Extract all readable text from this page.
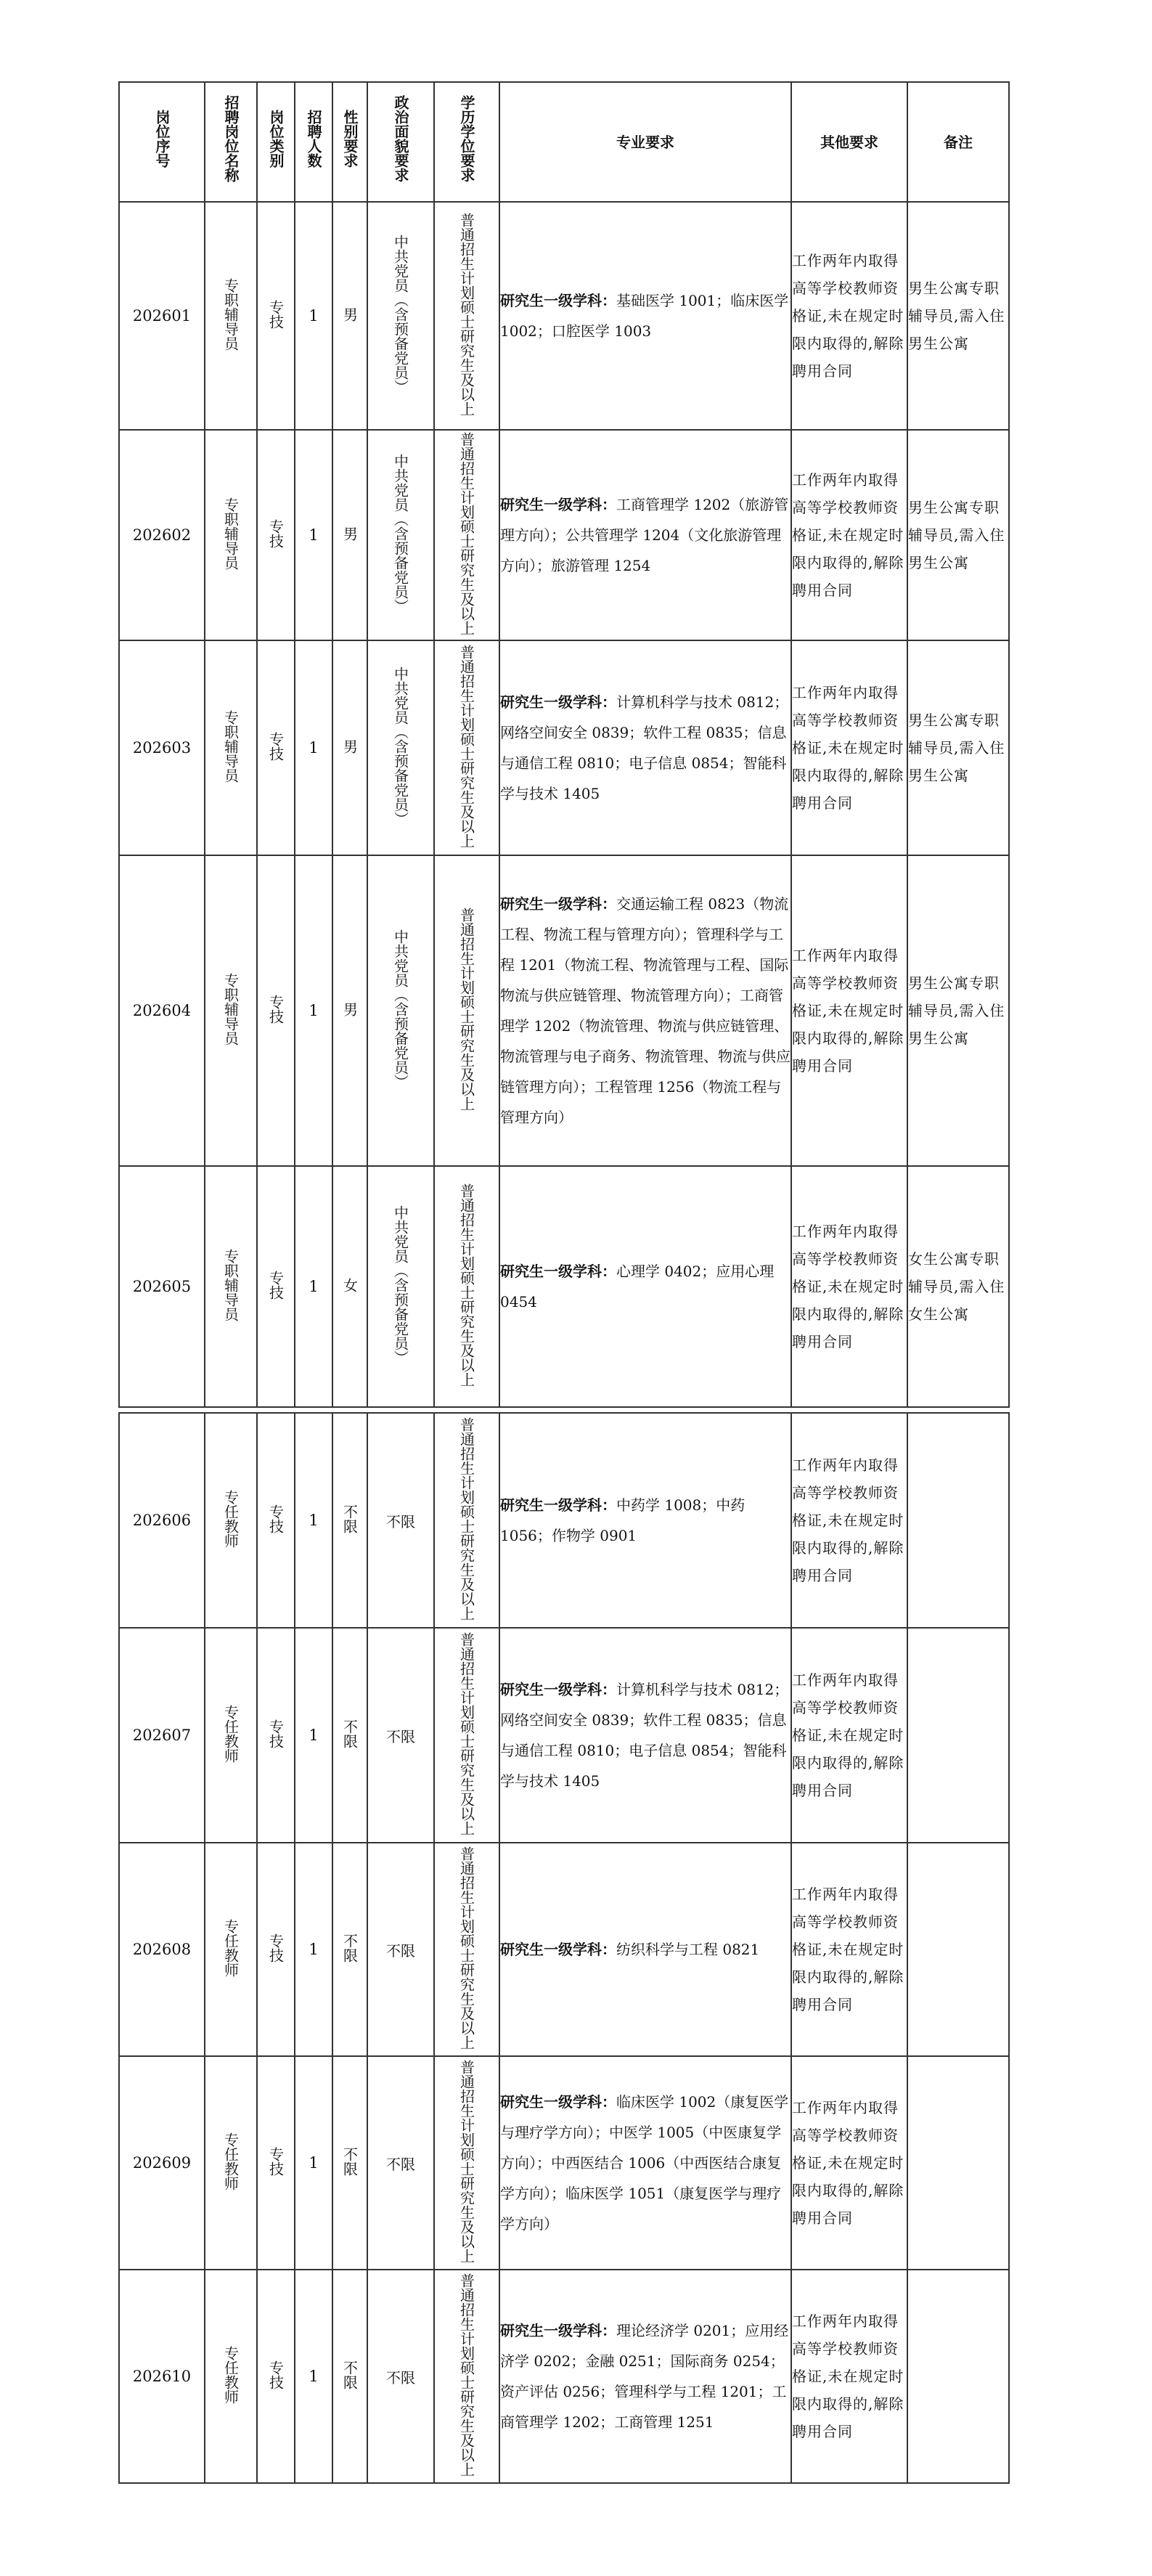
岗位序号	招聘岗位名称	岗位类别	招聘人数	性别要求	政治面貌要求	学历学位要求	专业要求	其他要求	备注
202601	专职辅导员	专技	1	男	中共党员（含预备党员）	普通招生计划硕士研究生及以上	研究生一级学科：基础医学 1001；临床医学 1002；口腔医学 1003	工作两年内取得高等学校教师资格证,未在规定时限内取得的,解除聘用合同	男生公寓专职辅导员,需入住男生公寓
202602	专职辅导员	专技	1	男	中共党员（含预备党员）	普通招生计划硕士研究生及以上	研究生一级学科：工商管理学 1202（旅游管理方向）；公共管理学 1204（文化旅游管理方向）；旅游管理 1254	工作两年内取得高等学校教师资格证,未在规定时限内取得的,解除聘用合同	男生公寓专职辅导员,需入住男生公寓
202603	专职辅导员	专技	1	男	中共党员（含预备党员）	普通招生计划硕士研究生及以上	研究生一级学科：计算机科学与技术 0812；网络空间安全 0839；软件工程 0835；信息与通信工程 0810；电子信息 0854；智能科学与技术 1405	工作两年内取得高等学校教师资格证,未在规定时限内取得的,解除聘用合同	男生公寓专职辅导员,需入住男生公寓
202604	专职辅导员	专技	1	男	中共党员（含预备党员）	普通招生计划硕士研究生及以上	研究生一级学科：交通运输工程 0823（物流工程、物流工程与管理方向）；管理科学与工程 1201（物流工程、物流管理与工程、国际物流与供应链管理、物流管理方向）；工商管理学 1202（物流管理、物流与供应链管理、物流管理与电子商务、物流管理、物流与供应链管理方向）；工程管理 1256（物流工程与管理方向）	工作两年内取得高等学校教师资格证,未在规定时限内取得的,解除聘用合同	男生公寓专职辅导员,需入住男生公寓
202605	专职辅导员	专技	1	女	中共党员（含预备党员）	普通招生计划硕士研究生及以上	研究生一级学科：心理学 0402；应用心理 0454	工作两年内取得高等学校教师资格证,未在规定时限内取得的,解除聘用合同	女生公寓专职辅导员,需入住女生公寓

202606	专任教师	专技	1	不限	不限	普通招生计划硕士研究生及以上	研究生一级学科：中药学 1008；中药 1056；作物学 0901	工作两年内取得高等学校教师资格证,未在规定时限内取得的,解除聘用合同	
202607	专任教师	专技	1	不限	不限	普通招生计划硕士研究生及以上	研究生一级学科：计算机科学与技术 0812；网络空间安全 0839；软件工程 0835；信息与通信工程 0810；电子信息 0854；智能科学与技术 1405	工作两年内取得高等学校教师资格证,未在规定时限内取得的,解除聘用合同	
202608	专任教师	专技	1	不限	不限	普通招生计划硕士研究生及以上	研究生一级学科：纺织科学与工程 0821	工作两年内取得高等学校教师资格证,未在规定时限内取得的,解除聘用合同	
202609	专任教师	专技	1	不限	不限	普通招生计划硕士研究生及以上	研究生一级学科：临床医学 1002（康复医学与理疗学方向）；中医学 1005（中医康复学方向）；中西医结合 1006（中西医结合康复学方向）；临床医学 1051（康复医学与理疗学方向）	工作两年内取得高等学校教师资格证,未在规定时限内取得的,解除聘用合同	
202610	专任教师	专技	1	不限	不限	普通招生计划硕士研究生及以上	研究生一级学科：理论经济学 0201；应用经济学 0202；金融 0251；国际商务 0254；资产评估 0256；管理科学与工程 1201；工商管理学 1202；工商管理 1251	工作两年内取得高等学校教师资格证,未在规定时限内取得的,解除聘用合同	
